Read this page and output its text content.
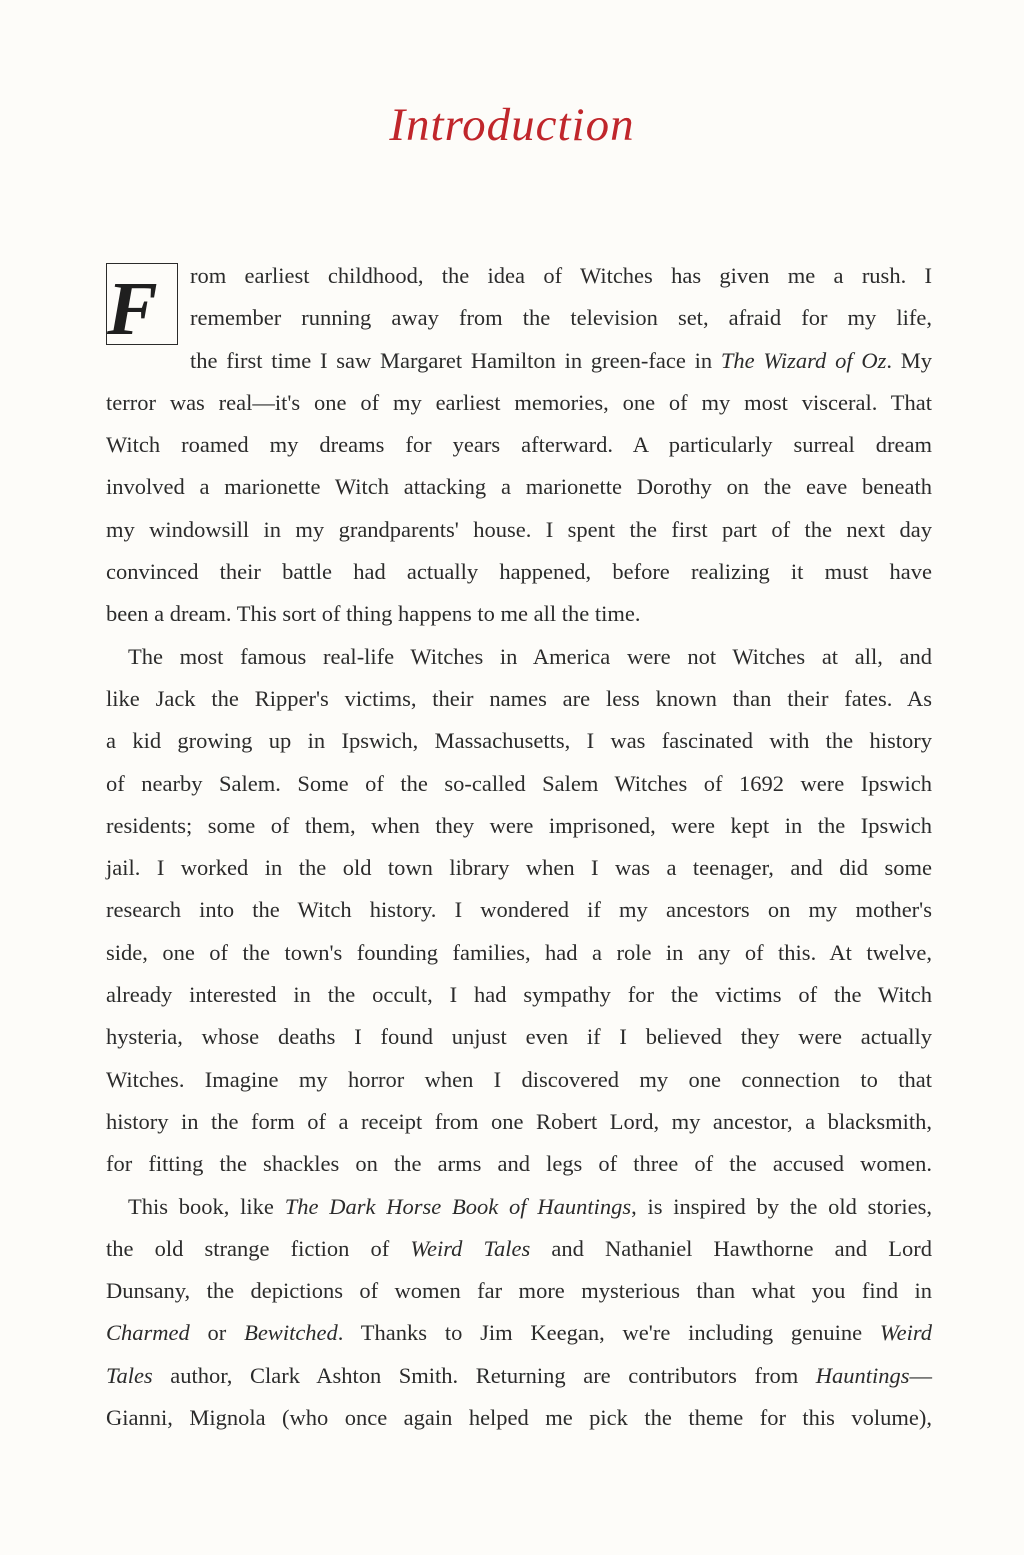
Introduction
F	rom earliest childhood, the idea of Witches has given me a rush. I
remember running away from the television set, afraid for my life,
the first time I saw Margaret Hamilton in green-face in The Wizard of Oz. My
terror was real—it's one of my earliest memories, one of my most visceral. That
Witch roamed my dreams for years afterward. A particularly surreal dream
involved a marionette Witch attacking a marionette Dorothy on the eave beneath
my windowsill in my grandparents' house. I spent the first part of the next day
convinced their battle had actually happened, before realizing it must have
been a dream. This sort of thing happens to me all the time.
The most famous real-life Witches in America were not Witches at all, and
like Jack the Ripper's victims, their names are less known than their fates. As
a kid growing up in Ipswich, Massachusetts, I was fascinated with the history
of nearby Salem. Some of the so-called Salem Witches of 1692 were Ipswich
residents; some of them, when they were imprisoned, were kept in the Ipswich
jail. I worked in the old town library when I was a teenager, and did some
research into the Witch history. I wondered if my ancestors on my mother's
side, one of the town's founding families, had a role in any of this. At twelve,
already interested in the occult, I had sympathy for the victims of the Witch
hysteria, whose deaths I found unjust even if I believed they were actually
Witches. Imagine my horror when I discovered my one connection to that
history in the form of a receipt from one Robert Lord, my ancestor, a blacksmith,
for fitting the shackles on the arms and legs of three of the accused women.
This book, like The Dark Horse Book of Hauntings, is inspired by the old stories,
the old strange fiction of Weird Tales and Nathaniel Hawthorne and Lord
Dunsany, the depictions of women far more mysterious than what you find in
Charmed or Bewitched. Thanks to Jim Keegan, we're including genuine Weird
Tales author, Clark Ashton Smith. Returning are contributors from Hauntings—
Gianni, Mignola (who once again helped me pick the theme for this volume),
